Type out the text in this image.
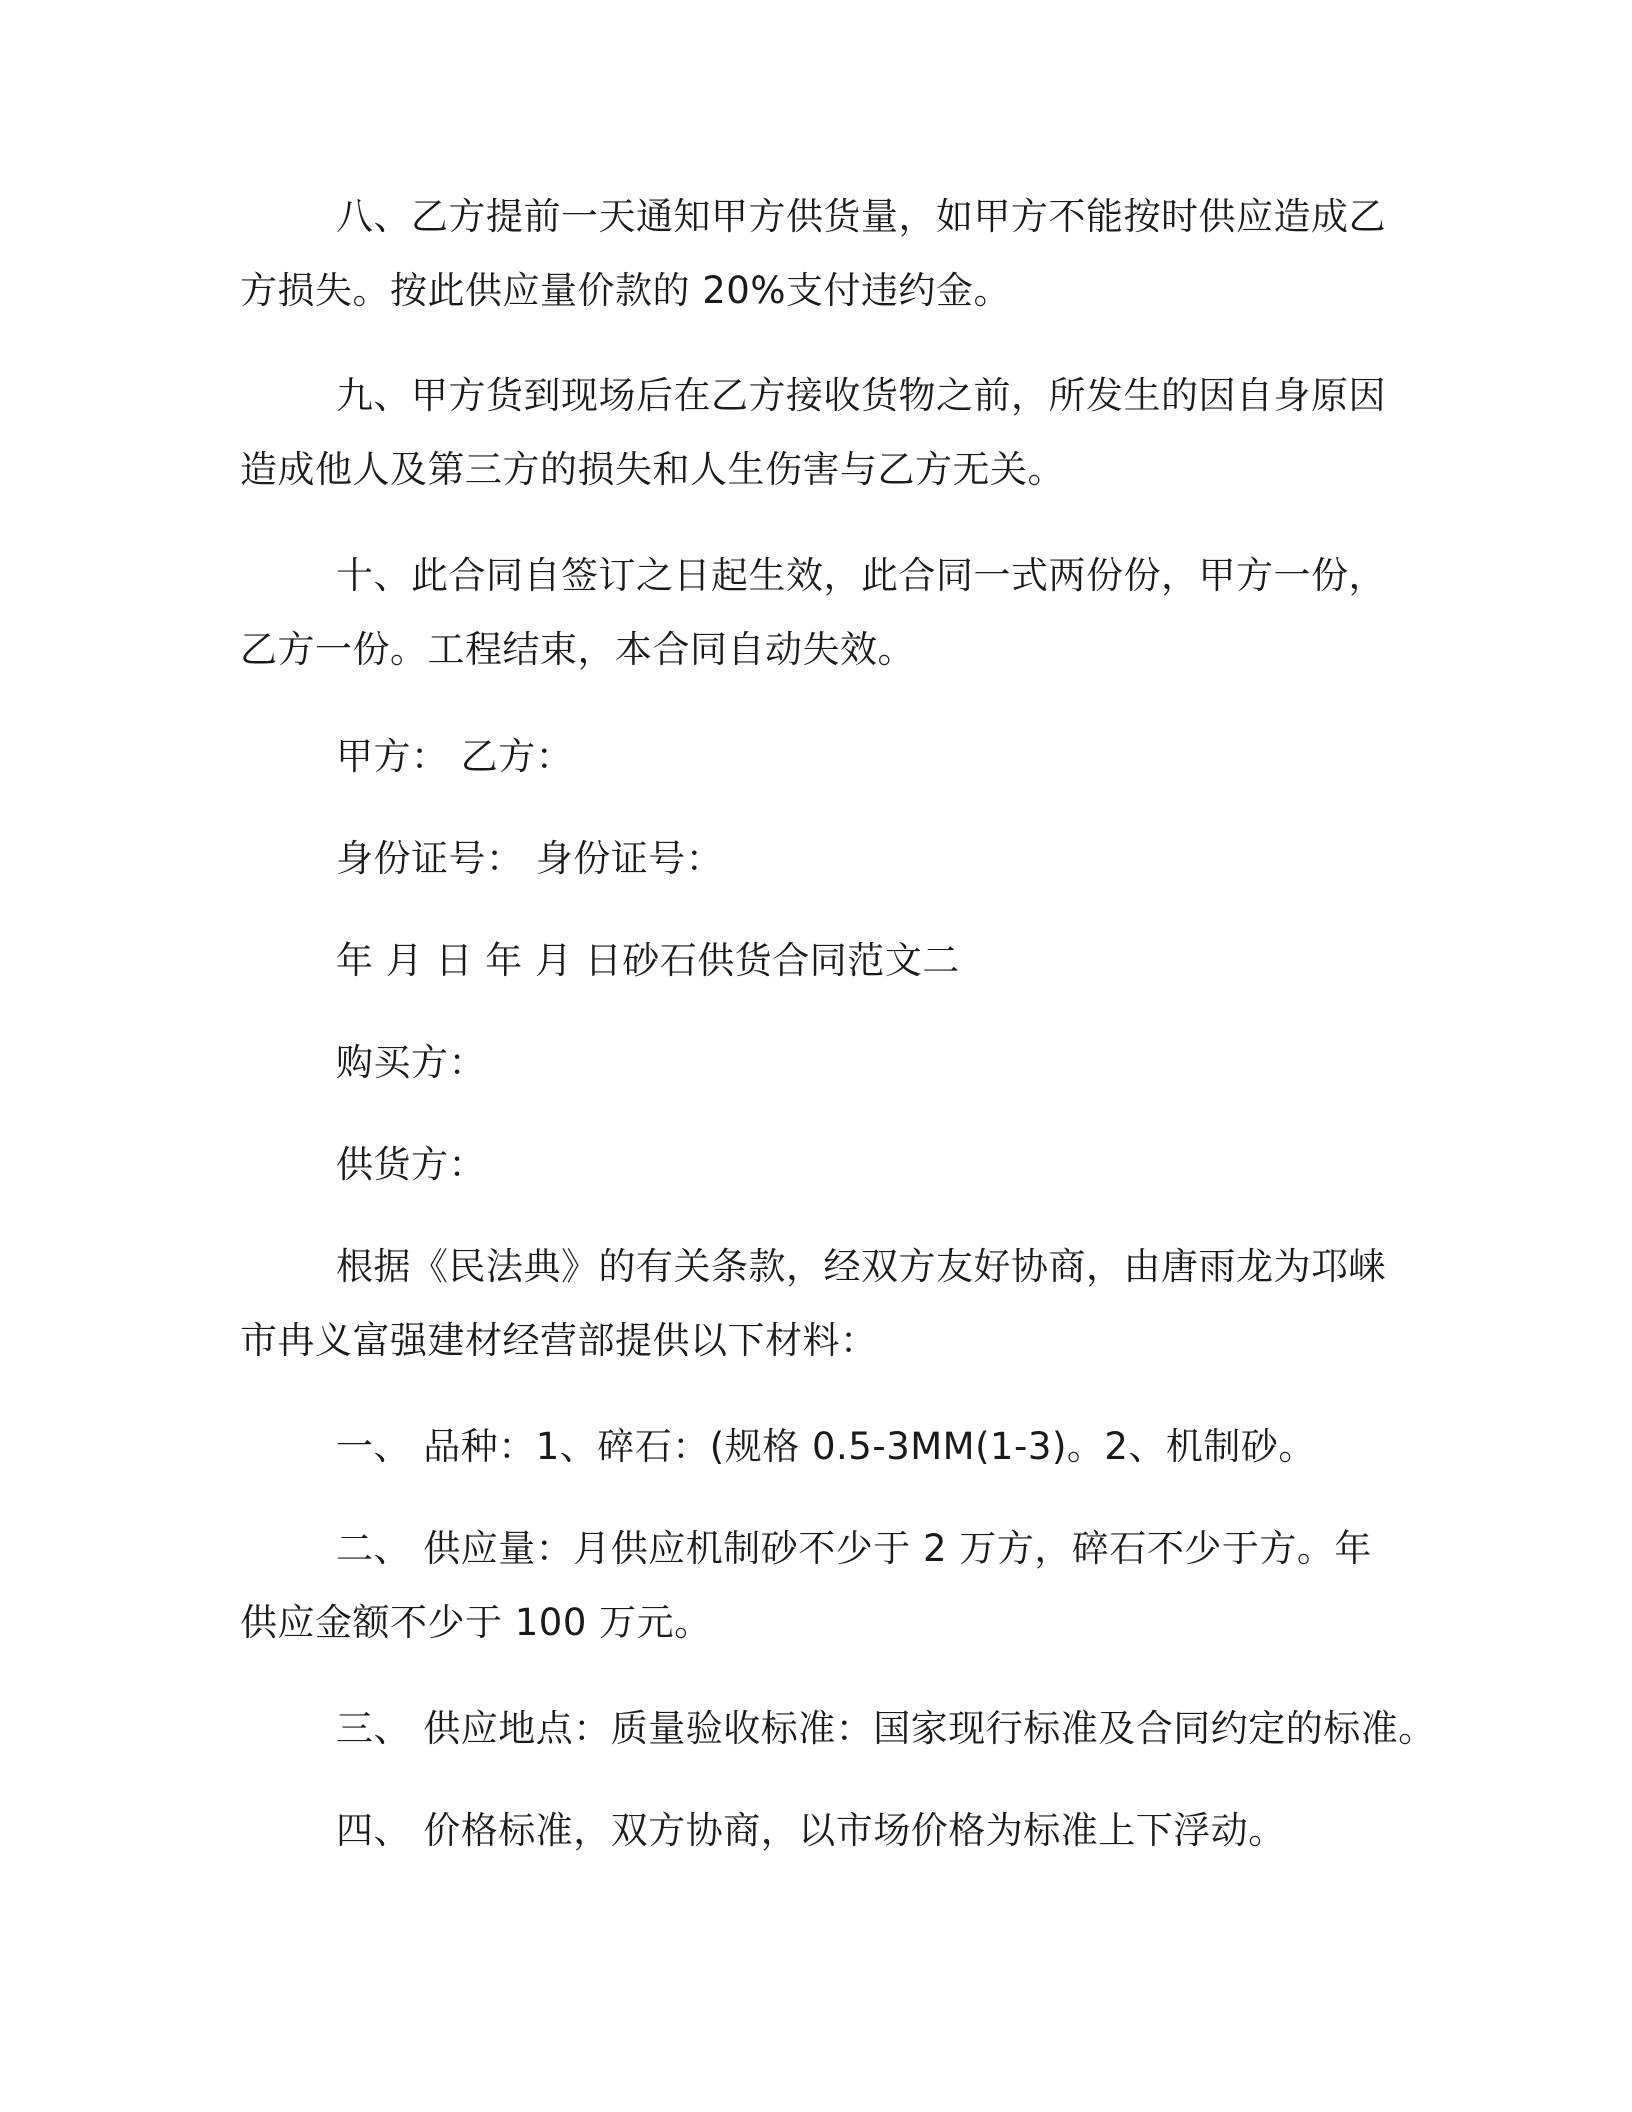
八、乙方提前一天通知甲方供货量，如甲方不能按时供应造成乙
方损失。按此供应量价款的 20%支付违约金。
九、甲方货到现场后在乙方接收货物之前，所发生的因自身原因
造成他人及第三方的损失和人生伤害与乙方无关。
十、此合同自签订之日起生效，此合同一式两份份，甲方一份，
乙方一份。工程结束，本合同自动失效。
甲方： 乙方：
身份证号： 身份证号：
年 月 日 年 月 日砂石供货合同范文二
购买方：
供货方：
根据《民法典》的有关条款，经双方友好协商，由唐雨龙为邛崃
市冉义富强建材经营部提供以下材料：
一、 品种：1、碎石：(规格 0.5-3MM(1-3)。2、机制砂。
二、 供应量：月供应机制砂不少于 2 万方，碎石不少于方。年
供应金额不少于 100 万元。
三、 供应地点：质量验收标准：国家现行标准及合同约定的标准。
四、 价格标准，双方协商，以市场价格为标准上下浮动。
